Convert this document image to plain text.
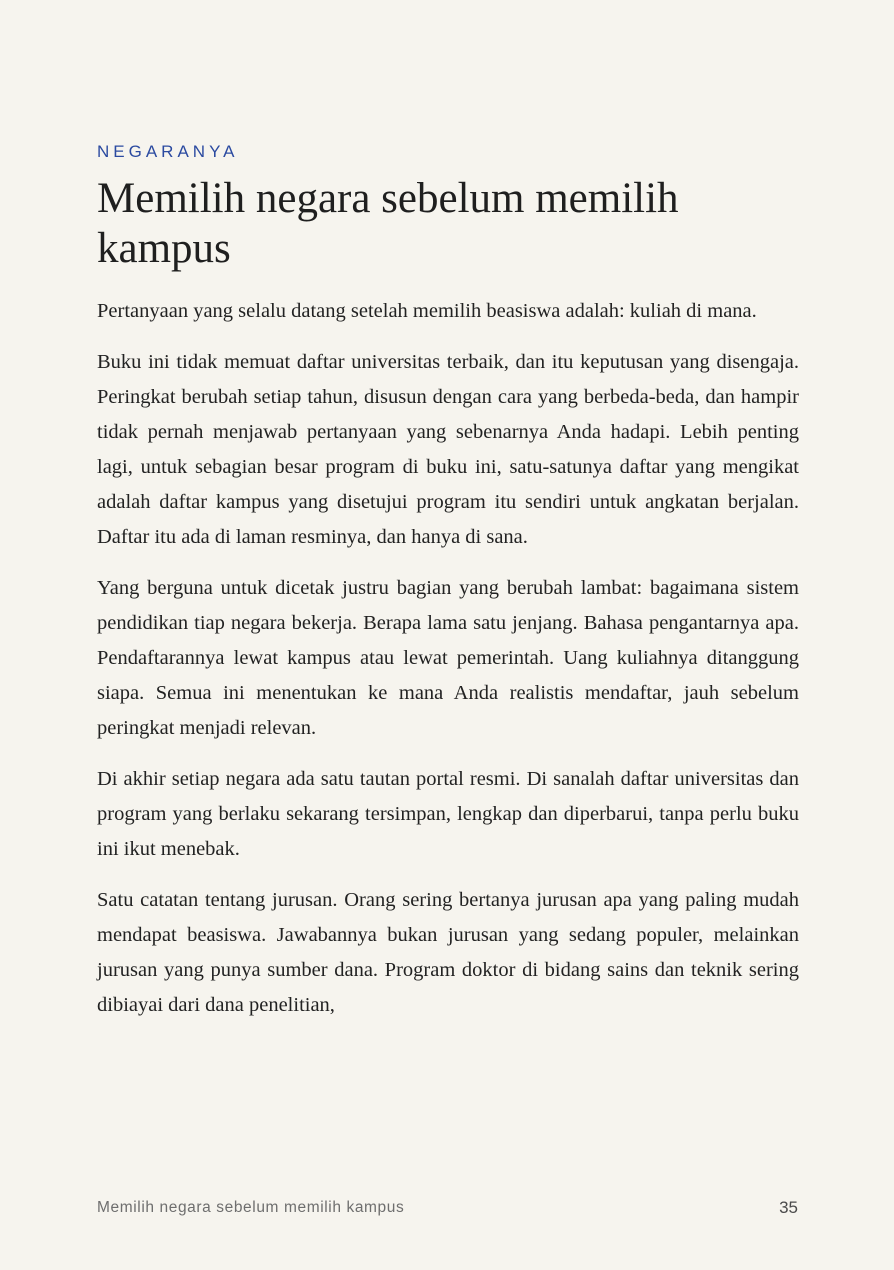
NEGARANYA
Memilih negara sebelum memilih kampus

Pertanyaan yang selalu datang setelah memilih beasiswa adalah: kuliah di mana.

Buku ini tidak memuat daftar universitas terbaik, dan itu keputusan yang disengaja. Peringkat berubah setiap tahun, disusun dengan cara yang berbeda-beda, dan hampir tidak pernah menjawab pertanyaan yang sebenarnya Anda hadapi. Lebih penting lagi, untuk sebagian besar program di buku ini, satu-satunya daftar yang mengikat adalah daftar kampus yang disetujui program itu sendiri untuk angkatan berjalan. Daftar itu ada di laman resminya, dan hanya di sana.

Yang berguna untuk dicetak justru bagian yang berubah lambat: bagaimana sistem pendidikan tiap negara bekerja. Berapa lama satu jenjang. Bahasa pengantarnya apa. Pendaftarannya lewat kampus atau lewat pemerintah. Uang kuliahnya ditanggung siapa. Semua ini menentukan ke mana Anda realistis mendaftar, jauh sebelum peringkat menjadi relevan.

Di akhir setiap negara ada satu tautan portal resmi. Di sanalah daftar universitas dan program yang berlaku sekarang tersimpan, lengkap dan diperbarui, tanpa perlu buku ini ikut menebak.

Satu catatan tentang jurusan. Orang sering bertanya jurusan apa yang paling mudah mendapat beasiswa. Jawabannya bukan jurusan yang sedang populer, melainkan jurusan yang punya sumber dana. Program doktor di bidang sains dan teknik sering dibiayai dari dana penelitian,

Memilih negara sebelum memilih kampus	35
